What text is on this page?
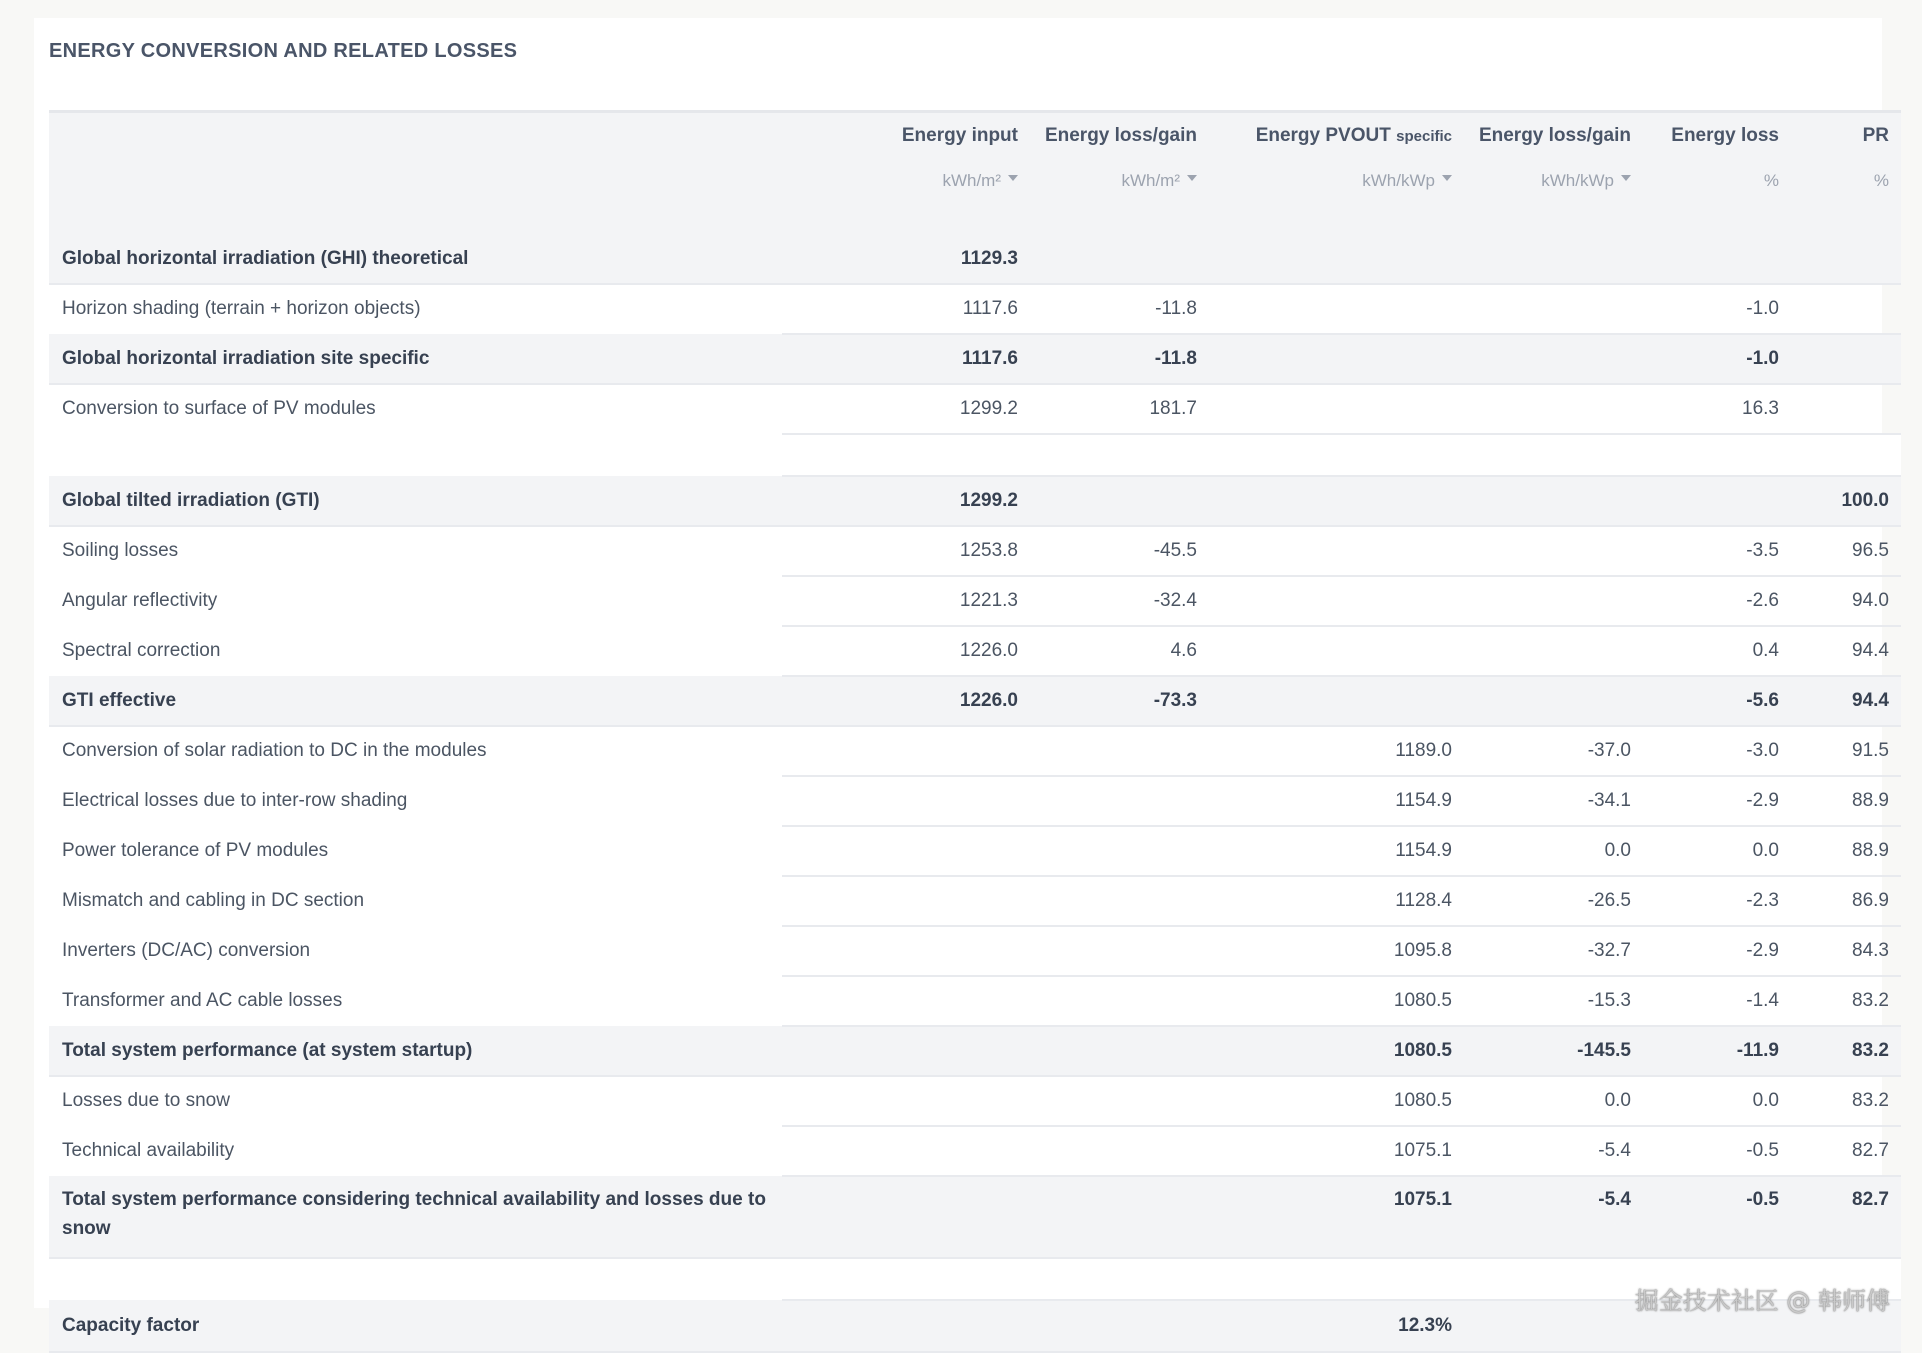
ENERGY CONVERSION AND RELATED LOSSES
	Energy input	Energy loss/gain	Energy PVOUT specific	Energy loss/gain	Energy loss	PR
	kWh/m²	kWh/m²	kWh/kWp	kWh/kWp	%	%
Global horizontal irradiation (GHI) theoretical	1129.3					
Horizon shading (terrain + horizon objects)	1117.6	-11.8			-1.0	
Global horizontal irradiation site specific	1117.6	-11.8			-1.0	
Conversion to surface of PV modules	1299.2	181.7			16.3	

Global tilted irradiation (GTI)	1299.2					100.0
Soiling losses	1253.8	-45.5			-3.5	96.5
Angular reflectivity	1221.3	-32.4			-2.6	94.0
Spectral correction	1226.0	4.6			0.4	94.4
GTI effective	1226.0	-73.3			-5.6	94.4
Conversion of solar radiation to DC in the modules			1189.0	-37.0	-3.0	91.5
Electrical losses due to inter-row shading			1154.9	-34.1	-2.9	88.9
Power tolerance of PV modules			1154.9	0.0	0.0	88.9
Mismatch and cabling in DC section			1128.4	-26.5	-2.3	86.9
Inverters (DC/AC) conversion			1095.8	-32.7	-2.9	84.3
Transformer and AC cable losses			1080.5	-15.3	-1.4	83.2
Total system performance (at system startup)			1080.5	-145.5	-11.9	83.2
Losses due to snow			1080.5	0.0	0.0	83.2
Technical availability			1075.1	-5.4	-0.5	82.7
Total system performance considering technical availability and losses due to snow			1075.1	-5.4	-0.5	82.7

Capacity factor			12.3%			
掘金技术社区 @ 韩师傅
